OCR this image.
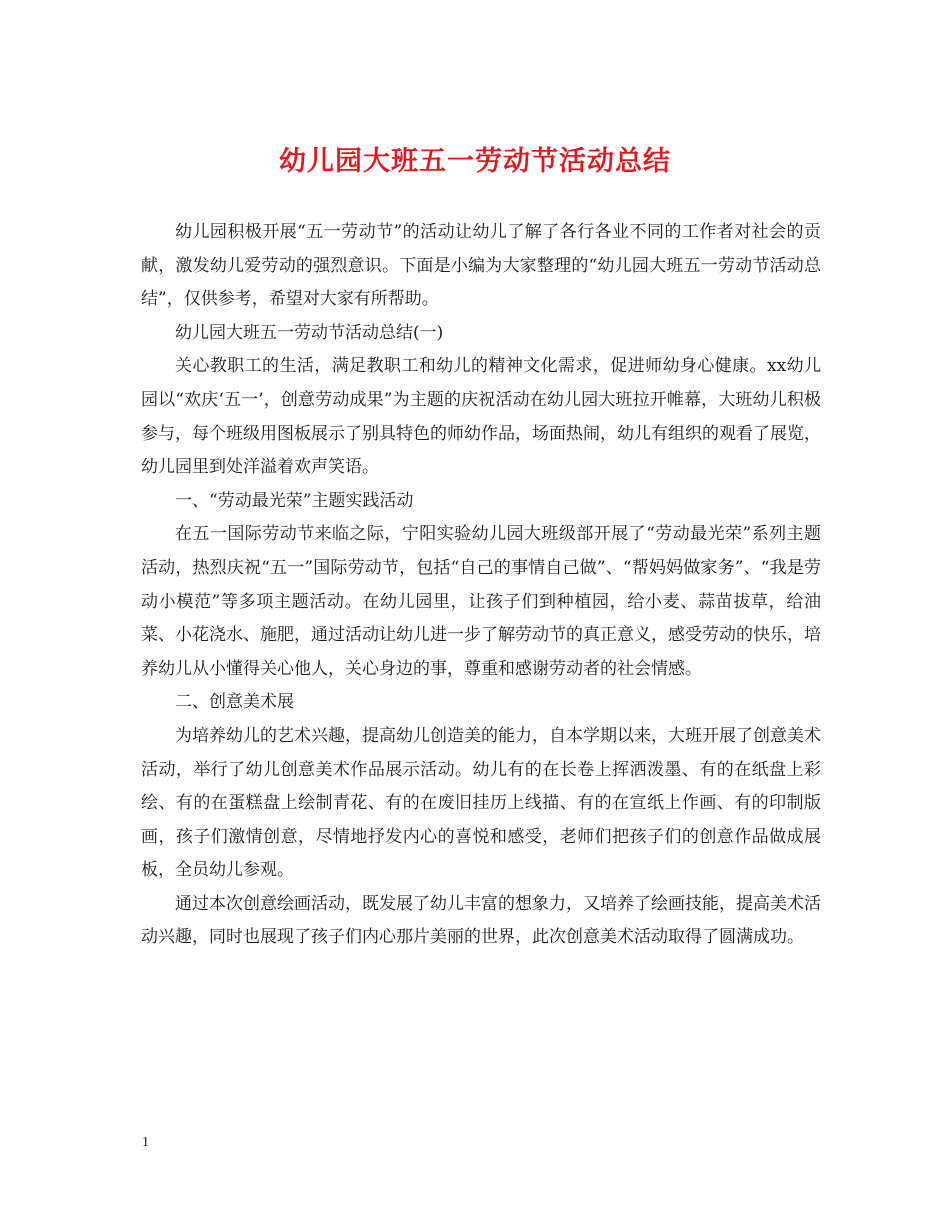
幼儿园大班五一劳动节活动总结

幼儿园积极开展“五一劳动节”的活动让幼儿了解了各行各业不同的工作者对社会的贡献，激发幼儿爱劳动的强烈意识。下面是小编为大家整理的“幼儿园大班五一劳动节活动总结”，仅供参考，希望对大家有所帮助。

幼儿园大班五一劳动节活动总结(一)

关心教职工的生活，满足教职工和幼儿的精神文化需求，促进师幼身心健康。xx幼儿园以“欢庆‘五一’，创意劳动成果”为主题的庆祝活动在幼儿园大班拉开帷幕，大班幼儿积极参与，每个班级用图板展示了别具特色的师幼作品，场面热闹，幼儿有组织的观看了展览，幼儿园里到处洋溢着欢声笑语。

一、“劳动最光荣”主题实践活动

在五一国际劳动节来临之际，宁阳实验幼儿园大班级部开展了“劳动最光荣”系列主题活动，热烈庆祝“五一”国际劳动节，包括“自己的事情自己做”、“帮妈妈做家务”、“我是劳动小模范”等多项主题活动。在幼儿园里，让孩子们到种植园，给小麦、蒜苗拔草，给油菜、小花浇水、施肥，通过活动让幼儿进一步了解劳动节的真正意义，感受劳动的快乐，培养幼儿从小懂得关心他人，关心身边的事，尊重和感谢劳动者的社会情感。

二、创意美术展

为培养幼儿的艺术兴趣，提高幼儿创造美的能力，自本学期以来，大班开展了创意美术活动，举行了幼儿创意美术作品展示活动。幼儿有的在长卷上挥洒泼墨、有的在纸盘上彩绘、有的在蛋糕盘上绘制青花、有的在废旧挂历上线描、有的在宣纸上作画、有的印制版画，孩子们激情创意，尽情地抒发内心的喜悦和感受，老师们把孩子们的创意作品做成展板，全员幼儿参观。

通过本次创意绘画活动，既发展了幼儿丰富的想象力，又培养了绘画技能，提高美术活动兴趣，同时也展现了孩子们内心那片美丽的世界，此次创意美术活动取得了圆满成功。

1
